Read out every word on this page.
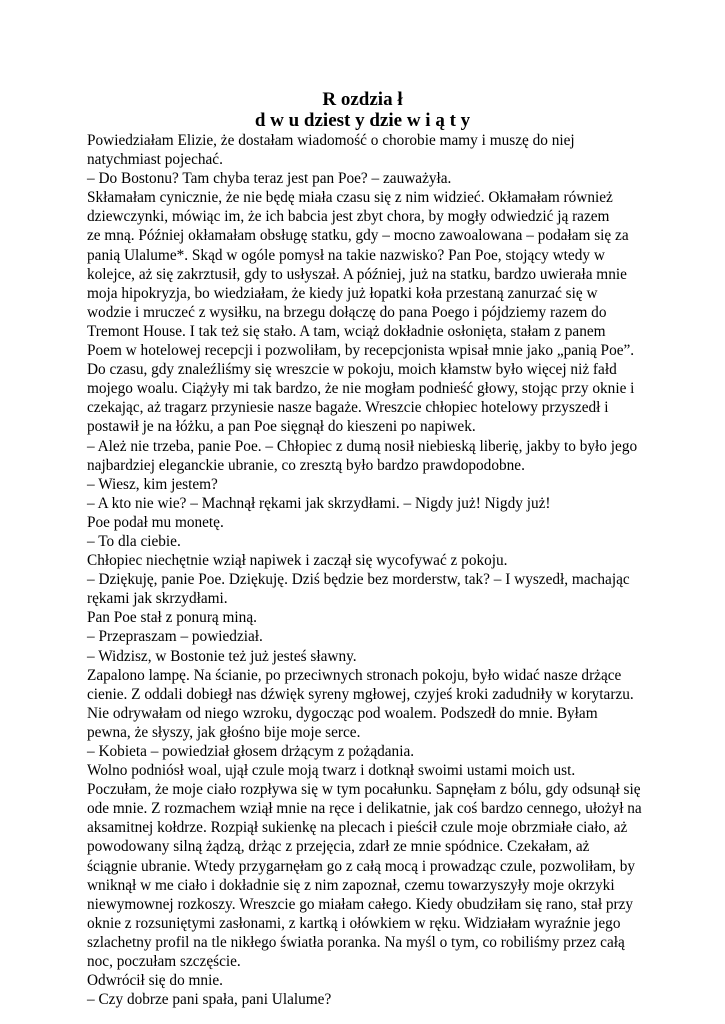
R ozdzia ł
d w u dziest y dzie w i ą t y
Powiedziałam Elizie, że dostałam wiadomość o chorobie mamy i muszę do niej
natychmiast pojechać.
– Do Bostonu? Tam chyba teraz jest pan Poe? – zauważyła.
Skłamałam cynicznie, że nie będę miała czasu się z nim widzieć. Okłamałam również
dziewczynki, mówiąc im, że ich babcia jest zbyt chora, by mogły odwiedzić ją razem
ze mną. Później okłamałam obsługę statku, gdy – mocno zawoalowana – podałam się za
panią Ulalume*. Skąd w ogóle pomysł na takie nazwisko? Pan Poe, stojący wtedy w
kolejce, aż się zakrztusił, gdy to usłyszał. A później, już na statku, bardzo uwierała mnie
moja hipokryzja, bo wiedziałam, że kiedy już łopatki koła przestaną zanurzać się w
wodzie i mruczeć z wysiłku, na brzegu dołączę do pana Poego i pójdziemy razem do
Tremont House. I tak też się stało. A tam, wciąż dokładnie osłonięta, stałam z panem
Poem w hotelowej recepcji i pozwoliłam, by recepcjonista wpisał mnie jako „panią Poe”.
Do czasu, gdy znaleźliśmy się wreszcie w pokoju, moich kłamstw było więcej niż fałd
mojego woalu. Ciążyły mi tak bardzo, że nie mogłam podnieść głowy, stojąc przy oknie i
czekając, aż tragarz przyniesie nasze bagaże. Wreszcie chłopiec hotelowy przyszedł i
postawił je na łóżku, a pan Poe sięgnął do kieszeni po napiwek.
– Ależ nie trzeba, panie Poe. – Chłopiec z dumą nosił niebieską liberię, jakby to było jego
najbardziej eleganckie ubranie, co zresztą było bardzo prawdopodobne.
– Wiesz, kim jestem?
– A kto nie wie? – Machnął rękami jak skrzydłami. – Nigdy już! Nigdy już!
Poe podał mu monetę.
– To dla ciebie.
Chłopiec niechętnie wziął napiwek i zaczął się wycofywać z pokoju.
– Dziękuję, panie Poe. Dziękuję. Dziś będzie bez morderstw, tak? – I wyszedł, machając
rękami jak skrzydłami.
Pan Poe stał z ponurą miną.
– Przepraszam – powiedział.
– Widzisz, w Bostonie też już jesteś sławny.
Zapalono lampę. Na ścianie, po przeciwnych stronach pokoju, było widać nasze drżące
cienie. Z oddali dobiegł nas dźwięk syreny mgłowej, czyjeś kroki zadudniły w korytarzu.
Nie odrywałam od niego wzroku, dygocząc pod woalem. Podszedł do mnie. Byłam
pewna, że słyszy, jak głośno bije moje serce.
– Kobieta – powiedział głosem drżącym z pożądania.
Wolno podniósł woal, ujął czule moją twarz i dotknął swoimi ustami moich ust.
Poczułam, że moje ciało rozpływa się w tym pocałunku. Sapnęłam z bólu, gdy odsunął się
ode mnie. Z rozmachem wziął mnie na ręce i delikatnie, jak coś bardzo cennego, ułożył na
aksamitnej kołdrze. Rozpiął sukienkę na plecach i pieścił czule moje obrzmiałe ciało, aż
powodowany silną żądzą, drżąc z przejęcia, zdarł ze mnie spódnice. Czekałam, aż
ściągnie ubranie. Wtedy przygarnęłam go z całą mocą i prowadząc czule, pozwoliłam, by
wniknął w me ciało i dokładnie się z nim zapoznał, czemu towarzyszyły moje okrzyki
niewymownej rozkoszy. Wreszcie go miałam całego. Kiedy obudziłam się rano, stał przy
oknie z rozsuniętymi zasłonami, z kartką i ołówkiem w ręku. Widziałam wyraźnie jego
szlachetny profil na tle nikłego światła poranka. Na myśl o tym, co robiliśmy przez całą
noc, poczułam szczęście.
Odwrócił się do mnie.
– Czy dobrze pani spała, pani Ulalume?
